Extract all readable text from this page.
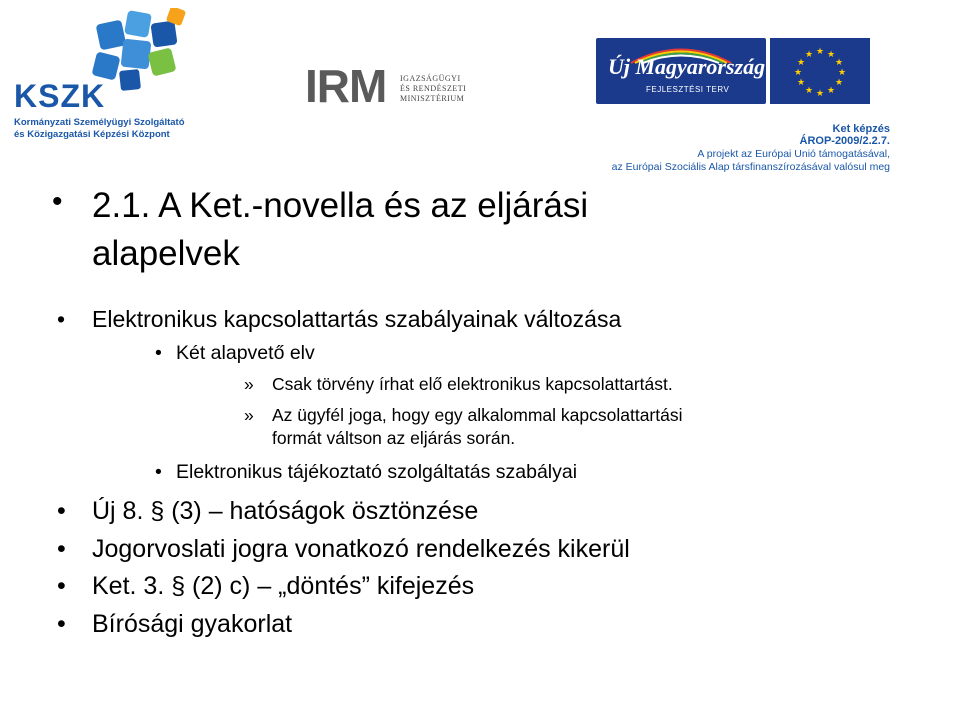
KSZK
Kormányzati Személyügyi Szolgáltató
és Közigazgatási Képzési Központ
IRM IGAZSÁGÜGYI
ÉS RENDÉSZETI
MINISZTÉRIUM
Új Magyarország
FEJLESZTÉSI TERV
★ ★
★
★
★
★
★
★
★
★
★
★
Ket képzés
ÁROP-2009/2.2.7.
A projekt az Európai Unió támogatásával,
az Európai Szociális Alap társfinanszírozásával valósul meg
• 2.1. A Ket.-novella és az eljárási
alapelvek
• Elektronikus kapcsolattartás szabályainak változása
• Két alapvető elv
» Csak törvény írhat elő elektronikus kapcsolattartást.
» Az ügyfél joga, hogy egy alkalommal kapcsolattartási
formát váltson az eljárás során.
• Elektronikus tájékoztató szolgáltatás szabályai
• Új 8. § (3) – hatóságok ösztönzése
• Jogorvoslati jogra vonatkozó rendelkezés kikerül
• Ket. 3. § (2) c) – „döntés” kifejezés
• Bírósági gyakorlat
